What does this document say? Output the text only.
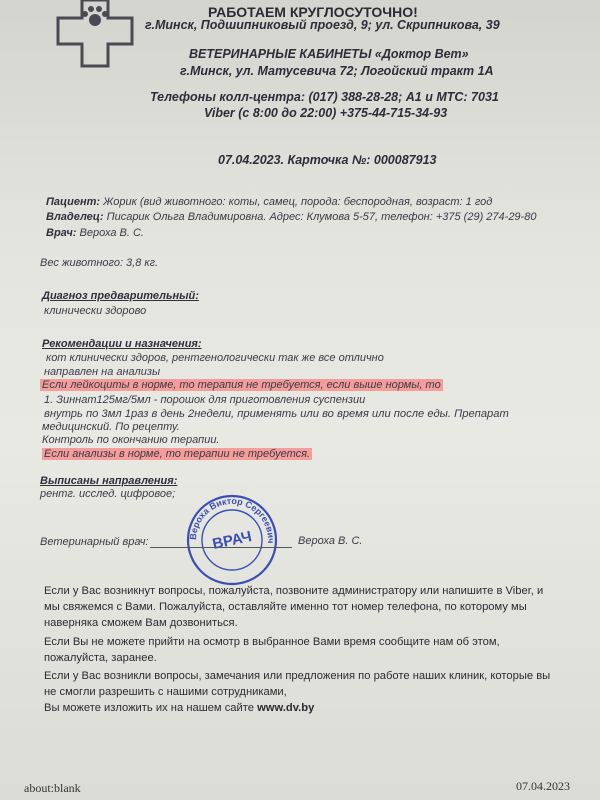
РАБОТАЕМ КРУГЛОСУТОЧНО!
г.Минск, Подшипниковый проезд, 9; ул. Скрипникова, 39
ВЕТЕРИНАРНЫЕ КАБИНЕТЫ «Доктор Вет»
г.Минск, ул. Матусевича 72; Логойский тракт 1А
Телефоны колл-центра: (017) 388-28-28; А1 и МТС: 7031
Viber (с 8:00 до 22:00) +375-44-715-34-93
07.04.2023. Карточка №: 000087913
Пациент: Жорик (вид животного: коты, самец, порода: беспородная, возраст: 1 год
Владелец: Писарик Ольга Владимировна. Адрес: Клумова 5-57, телефон: +375 (29) 274-29-80
Врач: Вероха В. С.
Вес животного: 3,8 кг.
Диагноз предварительный:
клинически здорово
Рекомендации и назначения:
кот клинически здоров, рентгенологически так же все отлично
направлен на анализы
Если лейкоциты в норме, то терапия не требуется, если выше нормы, то
1. Зиннат125мг/5мл - порошок для приготовления суспензии
внутрь по 3мл 1раз в день 2недели, применять или во время или после еды. Препарат
медицинский. По рецепту.
Контроль по окончанию терапии.
Если анализы в норме, то терапии не требуется.
Выписаны направления:
рентг. исслед. цифровое;
Ветеринарный врач:	Вероха В. С.
Вероха Виктор Сергеевич
ВРАЧ
Если у Вас возникнут вопросы, пожалуйста, позвоните администратору или напишите в Viber, и мы свяжемся с Вами. Пожалуйста, оставляйте именно тот номер телефона, по которому мы наверняка сможем Вам дозвониться.
Если Вы не можете прийти на осмотр в выбранное Вами время сообщите нам об этом, пожалуйста, заранее.
Если у Вас возникли вопросы, замечания или предложения по работе наших клиник, которые вы не смогли разрешить с нашими сотрудниками,
Вы можете изложить их на нашем сайте www.dv.by
about:blank	07.04.2023
